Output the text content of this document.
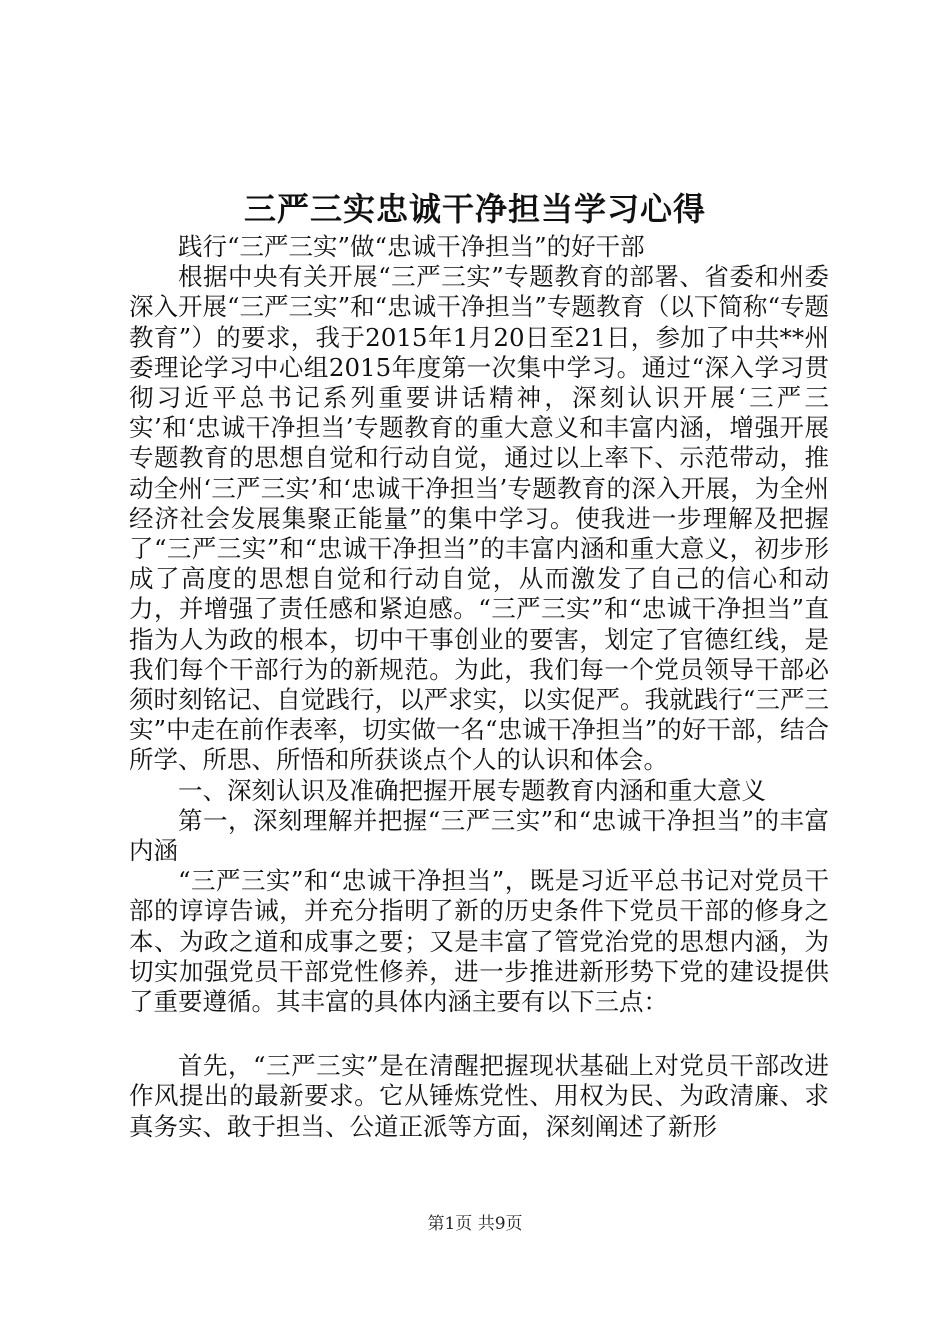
三严三实忠诚干净担当学习心得

践行“三严三实”做“忠诚干净担当”的好干部

根据中央有关开展“三严三实”专题教育的部署、省委和州委深入开展“三严三实”和“忠诚干净担当”专题教育（以下简称“专题教育”）的要求，我于2015年1月20日至21日，参加了中共**州委理论学习中心组2015年度第一次集中学习。通过“深入学习贯彻习近平总书记系列重要讲话精神，深刻认识开展‘三严三实’和‘忠诚干净担当’专题教育的重大意义和丰富内涵，增强开展专题教育的思想自觉和行动自觉，通过以上率下、示范带动，推动全州‘三严三实’和‘忠诚干净担当’专题教育的深入开展，为全州经济社会发展集聚正能量”的集中学习。使我进一步理解及把握了“三严三实”和“忠诚干净担当”的丰富内涵和重大意义，初步形成了高度的思想自觉和行动自觉，从而激发了自己的信心和动力，并增强了责任感和紧迫感。“三严三实”和“忠诚干净担当”直指为人为政的根本，切中干事创业的要害，划定了官德红线，是我们每个干部行为的新规范。为此，我们每一个党员领导干部必须时刻铭记、自觉践行，以严求实，以实促严。我就践行“三严三实”中走在前作表率，切实做一名“忠诚干净担当”的好干部，结合所学、所思、所悟和所获谈点个人的认识和体会。

一、深刻认识及准确把握开展专题教育内涵和重大意义

第一，深刻理解并把握“三严三实”和“忠诚干净担当”的丰富内涵

“三严三实”和“忠诚干净担当”，既是习近平总书记对党员干部的谆谆告诫，并充分指明了新的历史条件下党员干部的修身之本、为政之道和成事之要；又是丰富了管党治党的思想内涵，为切实加强党员干部党性修养，进一步推进新形势下党的建设提供了重要遵循。其丰富的具体内涵主要有以下三点：

首先，“三严三实”是在清醒把握现状基础上对党员干部改进作风提出的最新要求。它从锤炼党性、用权为民、为政清廉、求真务实、敢于担当、公道正派等方面，深刻阐述了新形

第1页 共9页
